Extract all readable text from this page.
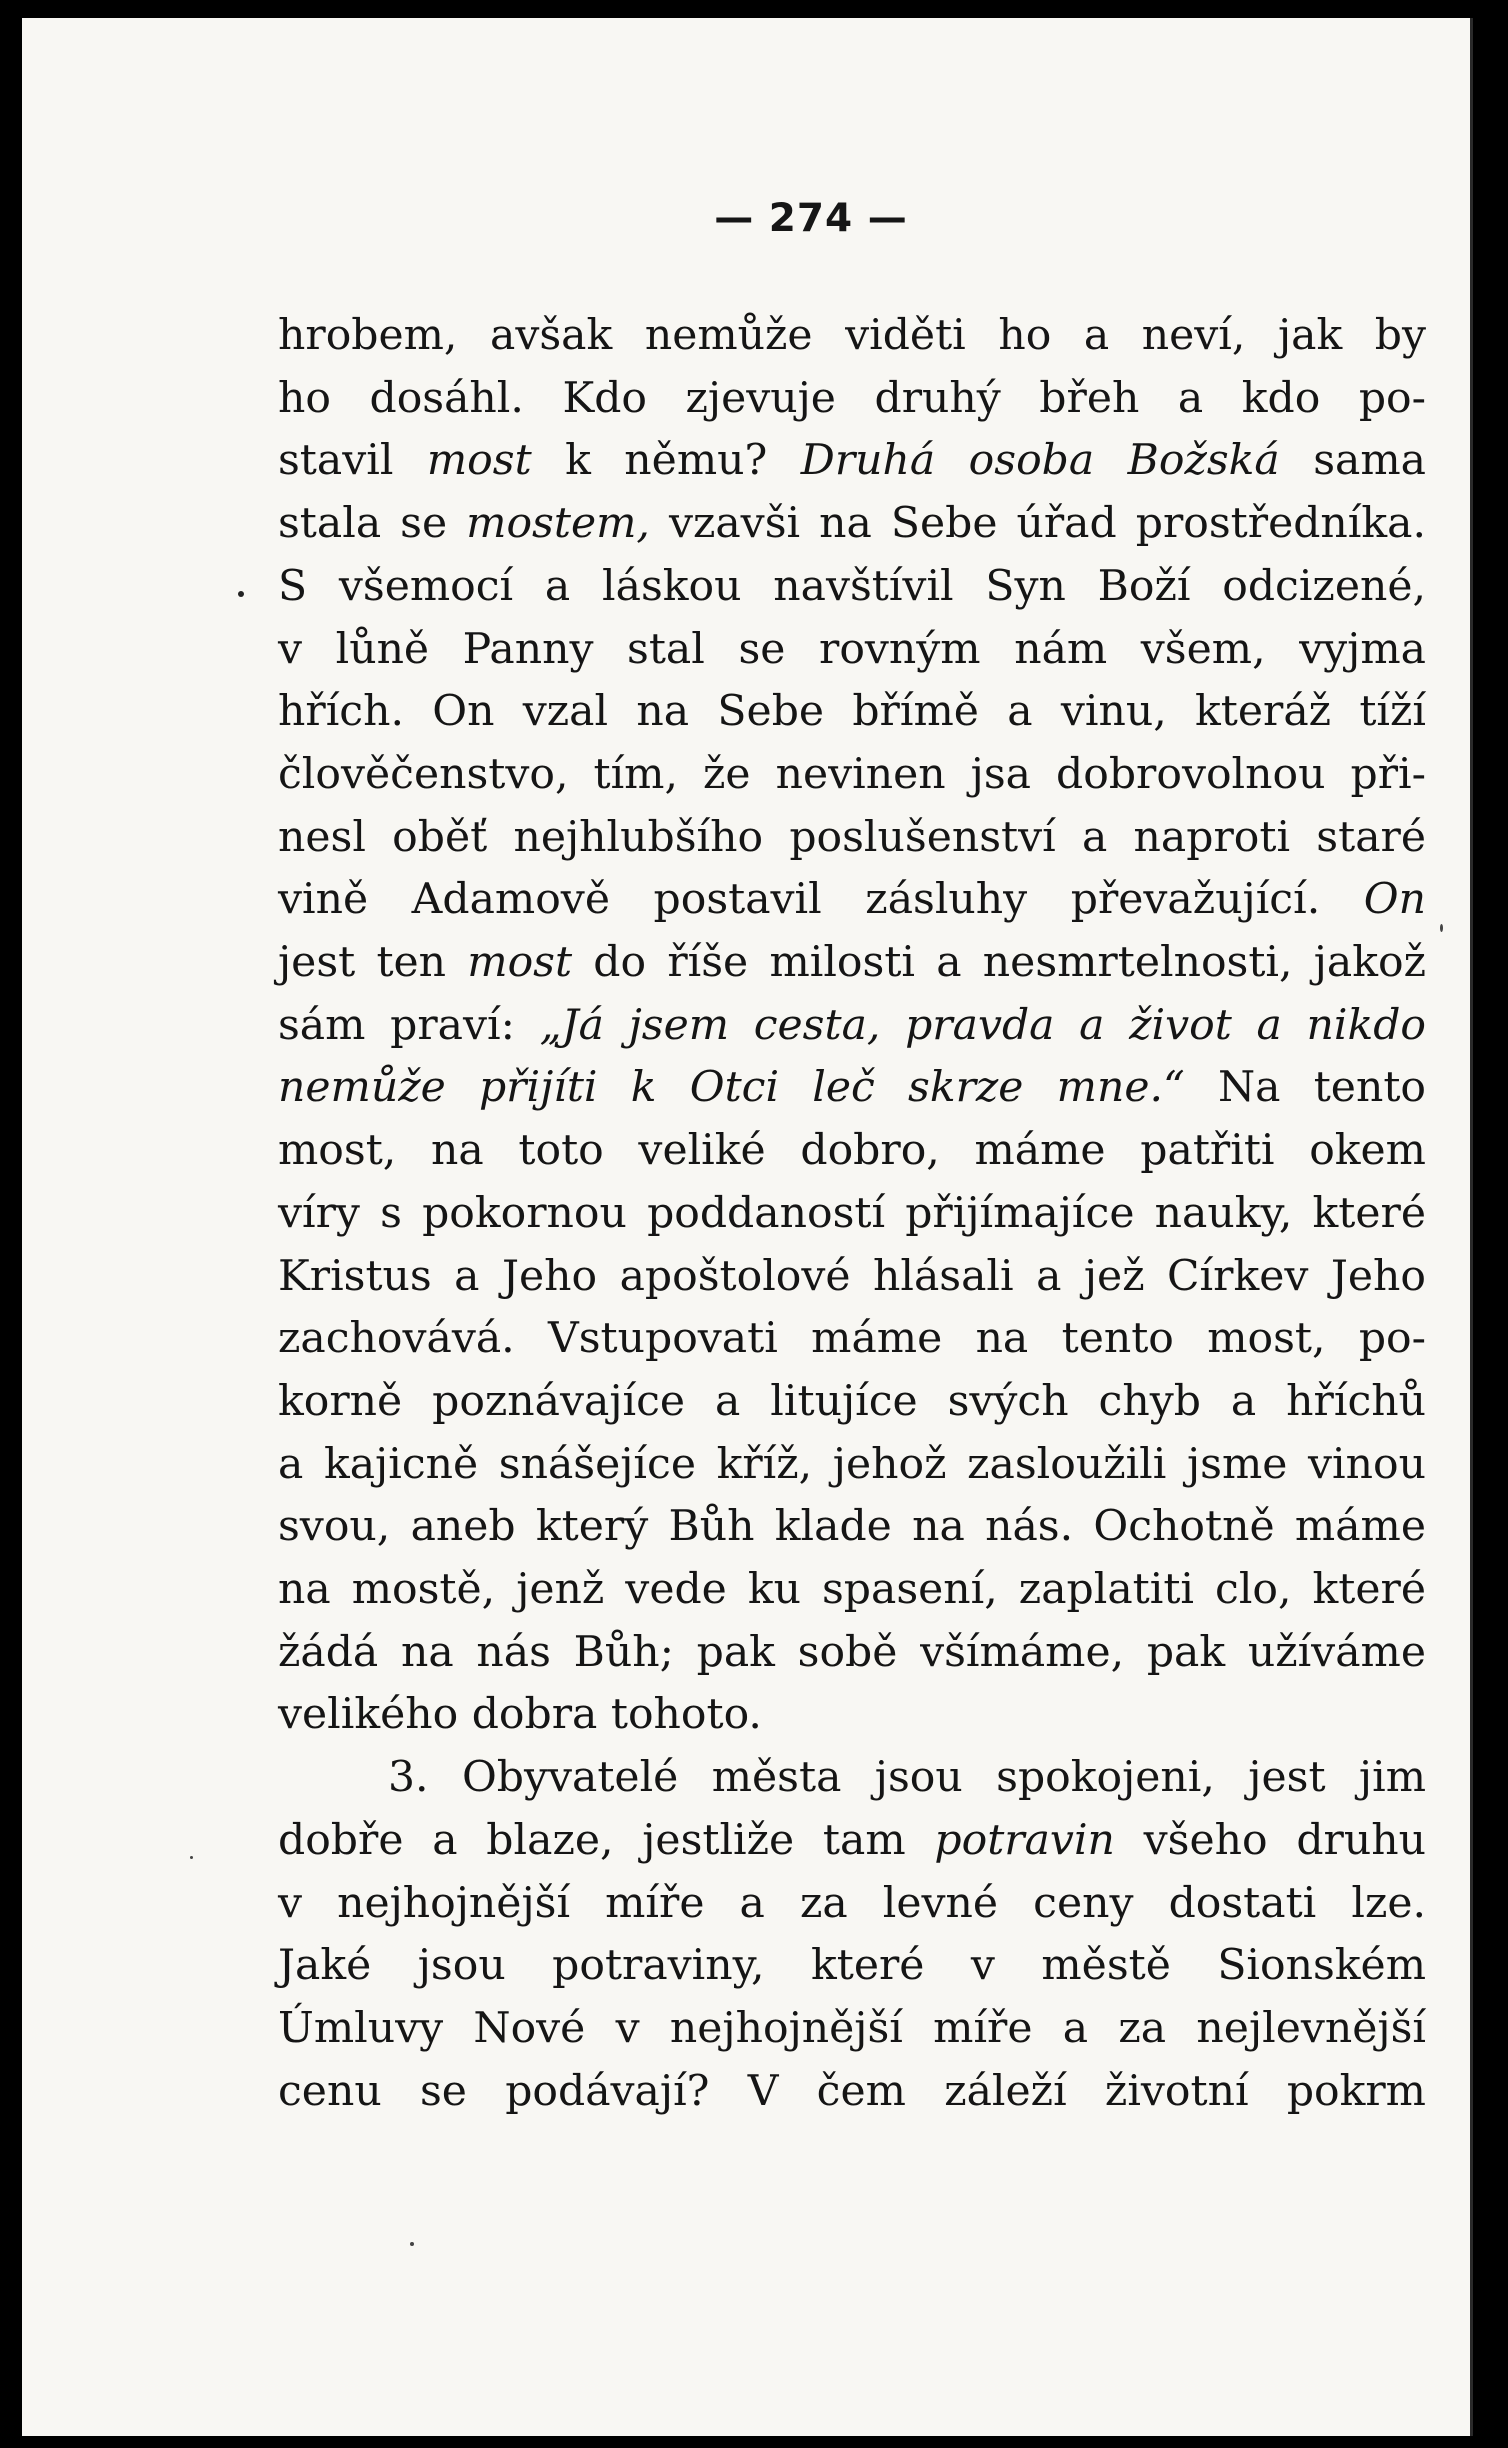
— 274 —
hrobem, avšak nemůže viděti ho a neví, jak by
ho dosáhl. Kdo zjevuje druhý břeh a kdo po-
stavil most k němu? Druhá osoba Božská sama
stala se mostem, vzavši na Sebe úřad prostředníka.
S všemocí a láskou navštívil Syn Boží odcizené,
v lůně Panny stal se rovným nám všem, vyjma
hřích. On vzal na Sebe břímě a vinu, kteráž tíží
člověčenstvo, tím, že nevinen jsa dobrovolnou při-
nesl oběť nejhlubšího poslušenství a naproti staré
vině Adamově postavil zásluhy převažující. On
jest ten most do říše milosti a nesmrtelnosti, jakož
sám praví: „Já jsem cesta, pravda a život a nikdo
nemůže přijíti k Otci leč skrze mne.“ Na tento
most, na toto veliké dobro, máme patřiti okem
víry s pokornou poddaností přijímajíce nauky, které
Kristus a Jeho apoštolové hlásali a jež Církev Jeho
zachovává. Vstupovati máme na tento most, po-
korně poznávajíce a litujíce svých chyb a hříchů
a kajicně snášejíce kříž, jehož zasloužili jsme vinou
svou, aneb který Bůh klade na nás. Ochotně máme
na mostě, jenž vede ku spasení, zaplatiti clo, které
žádá na nás Bůh; pak sobě všímáme, pak užíváme
velikého dobra tohoto.
3. Obyvatelé města jsou spokojeni, jest jim
dobře a blaze, jestliže tam potravin všeho druhu
v nejhojnější míře a za levné ceny dostati lze.
Jaké jsou potraviny, které v městě Sionském
Úmluvy Nové v nejhojnější míře a za nejlevnější
cenu se podávají? V čem záleží životní pokrm
